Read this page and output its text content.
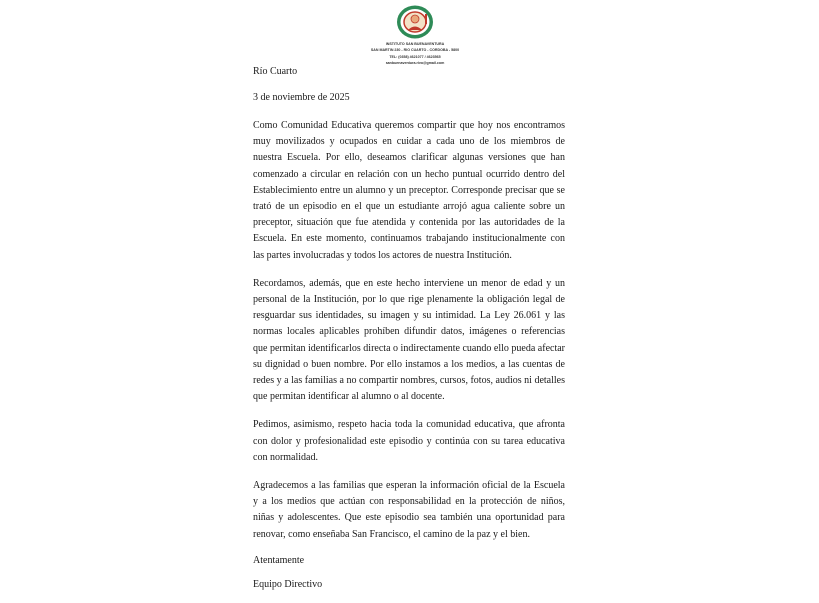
INSTITUTO SAN BUENAVENTURA
SAN MARTIN 230 - RIO CUARTO - CORDOBA - 5800
TEL: (0358) 4621077 / 4623565
sanbuenaventura.rivo@gmail.com

Río Cuarto

3 de noviembre de 2025

Como Comunidad Educativa queremos compartir que hoy nos encontramos muy movilizados y ocupados en cuidar a cada uno de los miembros de nuestra Escuela. Por ello, deseamos clarificar algunas versiones que han comenzado a circular en relación con un hecho puntual ocurrido dentro del Establecimiento entre un alumno y un preceptor. Corresponde precisar que se trató de un episodio en el que un estudiante arrojó agua caliente sobre un preceptor, situación que fue atendida y contenida por las autoridades de la Escuela. En este momento, continuamos trabajando institucionalmente con las partes involucradas y todos los actores de nuestra Institución.

Recordamos, además, que en este hecho interviene un menor de edad y un personal de la Institución, por lo que rige plenamente la obligación legal de resguardar sus identidades, su imagen y su intimidad. La Ley 26.061 y las normas locales aplicables prohíben difundir datos, imágenes o referencias que permitan identificarlos directa o indirectamente cuando ello pueda afectar su dignidad o buen nombre. Por ello instamos a los medios, a las cuentas de redes y a las familias a no compartir nombres, cursos, fotos, audios ni detalles que permitan identificar al alumno o al docente.

Pedimos, asimismo, respeto hacia toda la comunidad educativa, que afronta con dolor y profesionalidad este episodio y continúa con su tarea educativa con normalidad.

Agradecemos a las familias que esperan la información oficial de la Escuela y a los medios que actúan con responsabilidad en la protección de niños, niñas y adolescentes. Que este episodio sea también una oportunidad para renovar, como enseñaba San Francisco, el camino de la paz y el bien.

Atentamente

Equipo Directivo
